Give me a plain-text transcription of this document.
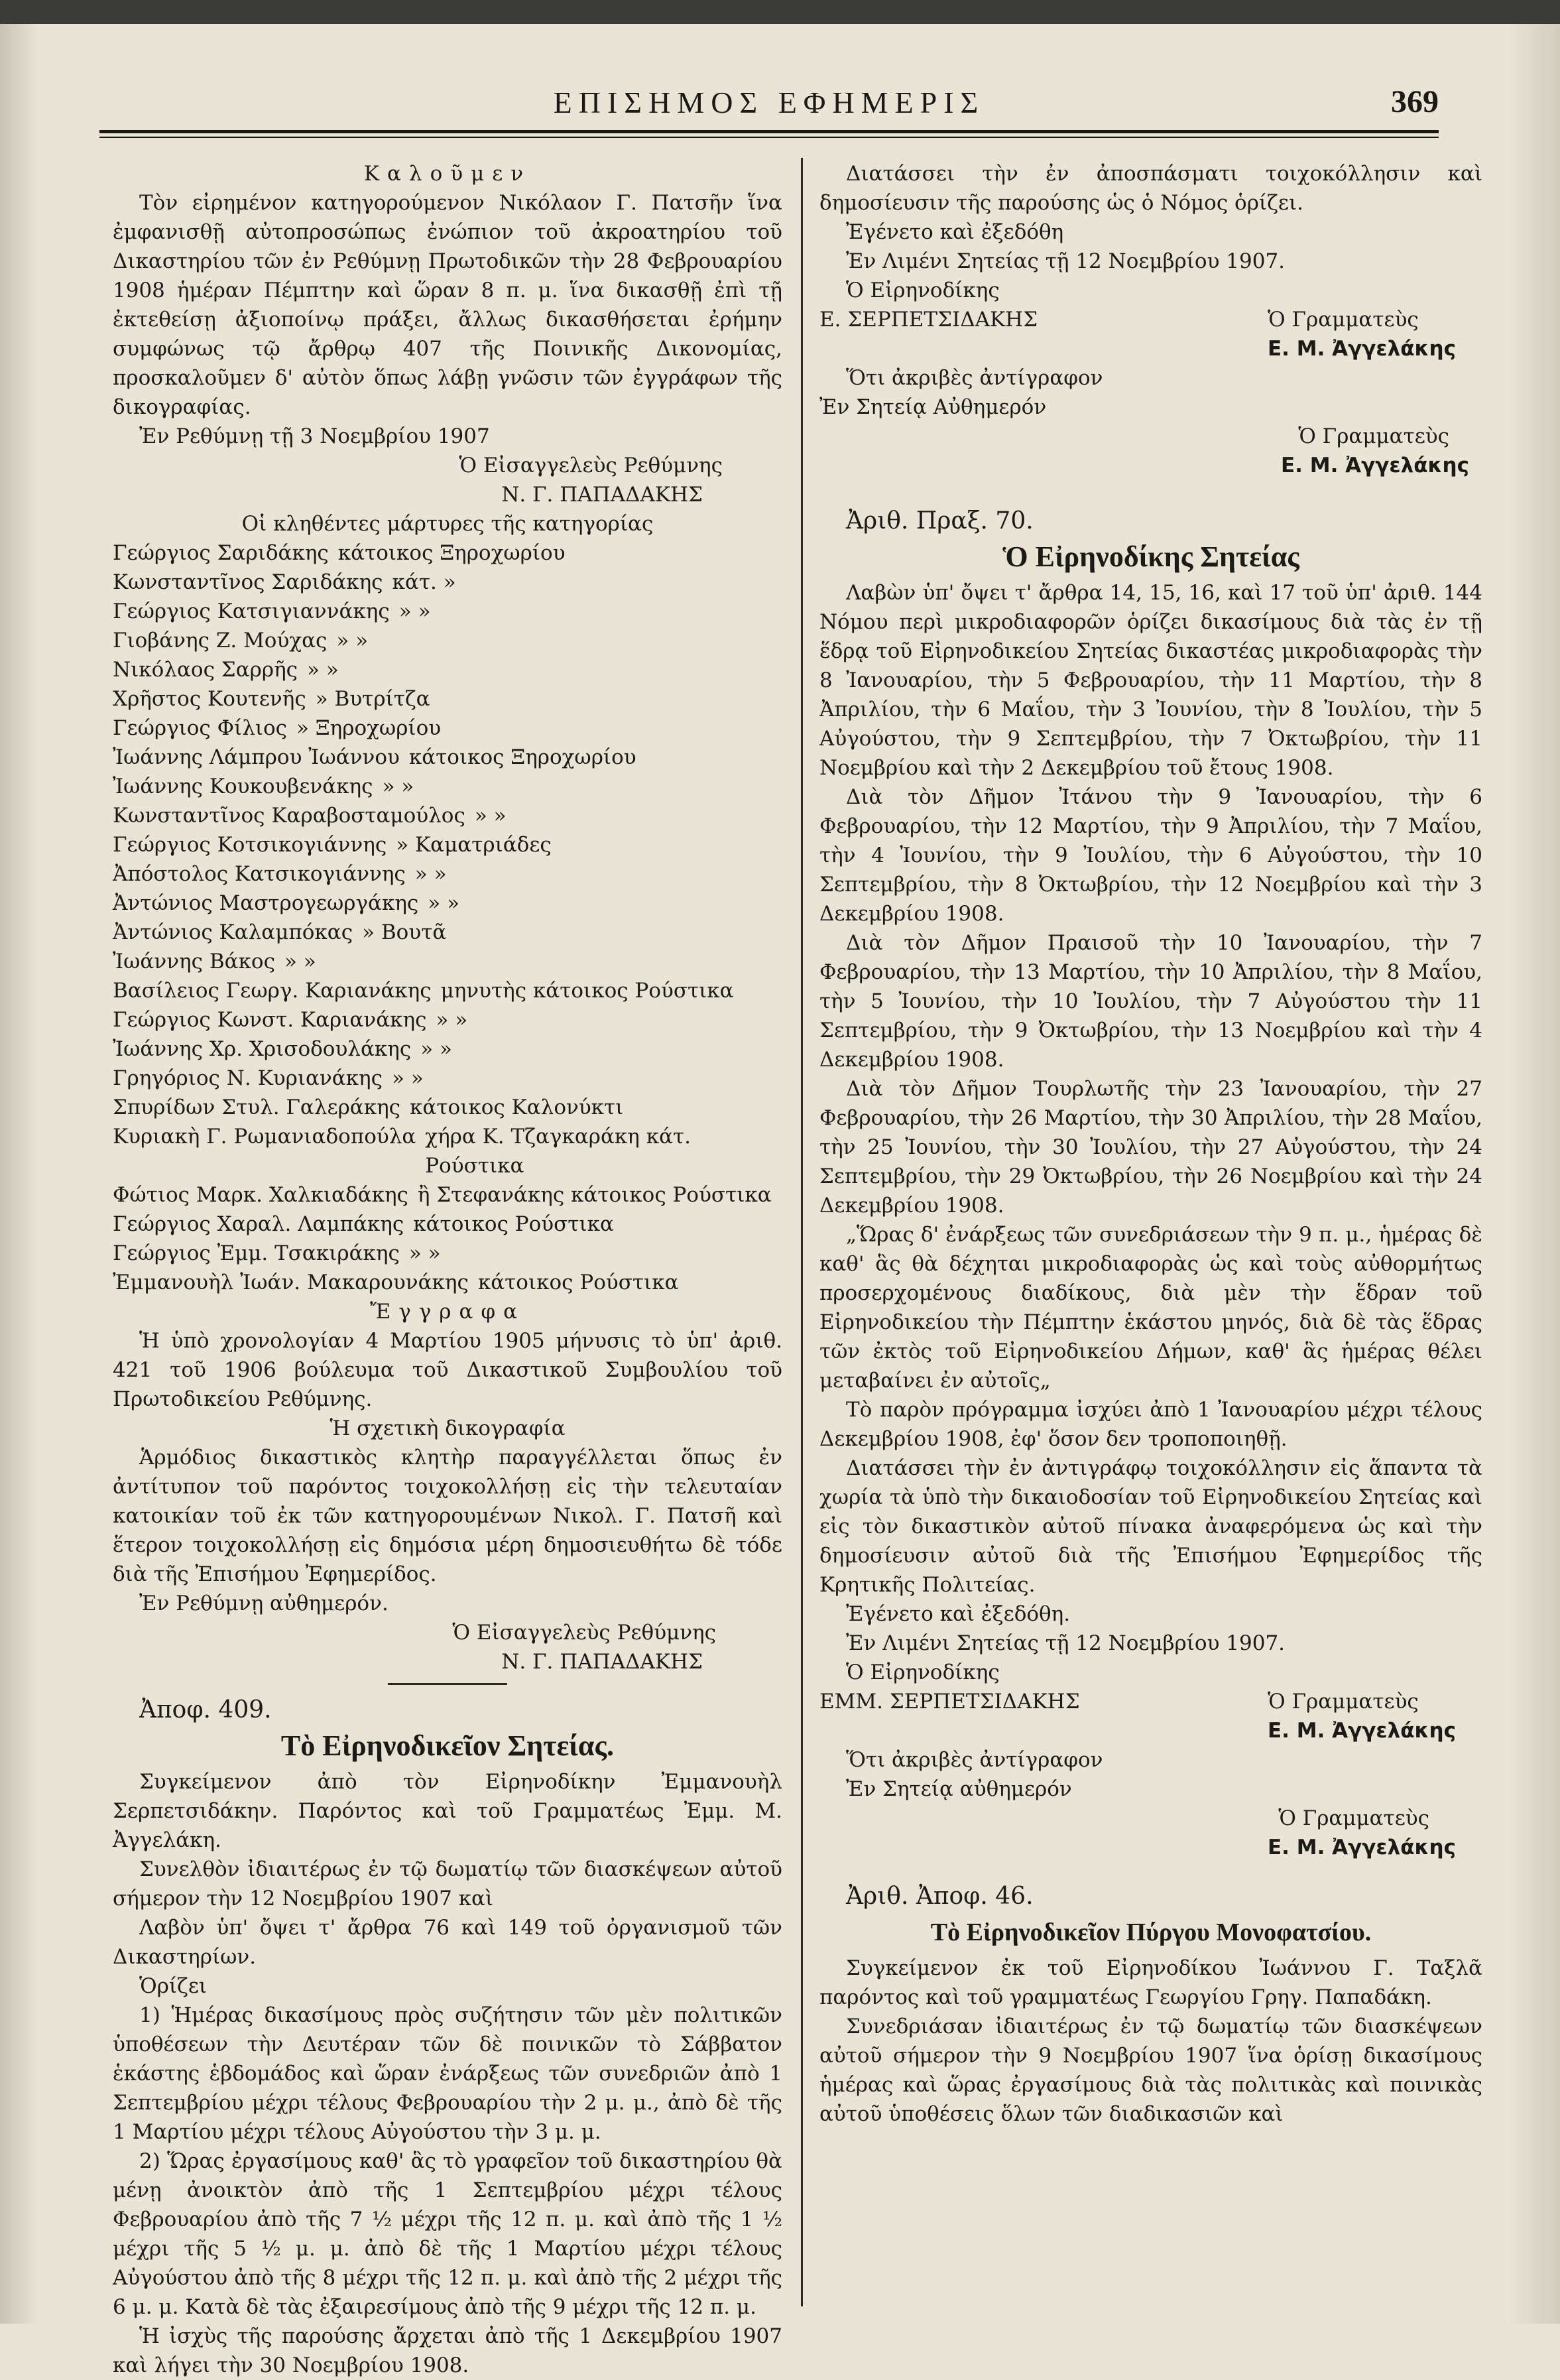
ΕΠΙΣΗΜΟΣ ΕΦΗΜΕΡΙΣ	369

Καλοῦμεν

Τὸν εἰρημένον κατηγορούμενον Νικόλαον Γ. Πατσῆν ἵνα ἐμφανισθῇ αὐτοπροσώπως ἐνώπιον τοῦ ἀκροατηρίου τοῦ Δικαστηρίου τῶν ἐν Ρεθύμνῃ Πρωτοδικῶν τὴν 28 Φεβρουαρίου 1908 ἡμέραν Πέμπτην καὶ ὥραν 8 π. μ. ἵνα δικασθῇ ἐπὶ τῇ ἐκτεθείσῃ ἀξιοποίνῳ πράξει, ἄλλως δικασθήσεται ἐρήμην συμφώνως τῷ ἄρθρῳ 407 τῆς Ποινικῆς Δικονομίας, προσκαλοῦμεν δ' αὐτὸν ὅπως λάβῃ γνῶσιν τῶν ἐγγράφων τῆς δικογραφίας.

Ἐν Ρεθύμνῃ τῇ 3 Νοεμβρίου 1907

Ὁ Εἰσαγγελεὺς Ρεθύμνης

Ν. Γ. ΠΑΠΑΔΑΚΗΣ

Οἱ κληθέντες μάρτυρες τῆς κατηγορίας

Γεώργιος Σαριδάκης κάτοικος Ξηροχωρίου
Κωνσταντῖνος Σαριδάκης κάτ. »
Γεώργιος Κατσιγιαννάκης » »
Γιοβάνης Ζ. Μούχας » »
Νικόλαος Σαρρῆς » »
Χρῆστος Κουτενῆς » Βυτρίτζα
Γεώργιος Φίλιος » Ξηροχωρίου
Ἰωάννης Λάμπρου Ἰωάννου κάτοικος Ξηροχωρίου
Ἰωάννης Κουκουβενάκης » »
Κωνσταντῖνος Καραβοσταμούλος » »
Γεώργιος Κοτσικογιάννης » Καματριάδες
Ἀπόστολος Κατσικογιάννης » »
Ἀντώνιος Μαστρογεωργάκης » »
Ἀντώνιος Καλαμπόκας » Βουτᾶ
Ἰωάννης Βάκος » »
Βασίλειος Γεωργ. Καριανάκης μηνυτὴς κάτοικος Ρούστικα
Γεώργιος Κωνστ. Καριανάκης » »
Ἰωάννης Χρ. Χρισοδουλάκης » »
Γρηγόριος Ν. Κυριανάκης » »
Σπυρίδων Στυλ. Γαλεράκης κάτοικος Καλονύκτι
Κυριακὴ Γ. Ρωμανιαδοπούλα χήρα Κ. Τζαγκαράκη κάτ. Ρούστικα
Φώτιος Μαρκ. Χαλκιαδάκης ἢ Στεφανάκης κάτοικος Ρούστικα
Γεώργιος Χαραλ. Λαμπάκης κάτοικος Ρούστικα
Γεώργιος Ἐμμ. Τσακιράκης » »
Ἐμμανουὴλ Ἰωάν. Μακαρουνάκης κάτοικος Ρούστικα

Ἔγγραφα

Ἡ ὑπὸ χρονολογίαν 4 Μαρτίου 1905 μήνυσις τὸ ὑπ' ἀριθ. 421 τοῦ 1906 βούλευμα τοῦ Δικαστικοῦ Συμβουλίου τοῦ Πρωτοδικείου Ρεθύμνης.

Ἡ σχετικὴ δικογραφία

Ἁρμόδιος δικαστικὸς κλητὴρ παραγγέλλεται ὅπως ἐν ἀντίτυπον τοῦ παρόντος τοιχοκολλήσῃ εἰς τὴν τελευταίαν κατοικίαν τοῦ ἐκ τῶν κατηγορουμένων Νικολ. Γ. Πατσῆ καὶ ἕτερον τοιχοκολλήσῃ εἰς δημόσια μέρη δημοσιευθήτω δὲ τόδε διὰ τῆς Ἐπισήμου Ἐφημερίδος.

Ἐν Ρεθύμνῃ αὐθημερόν.

Ὁ Εἰσαγγελεὺς Ρεθύμνης

Ν. Γ. ΠΑΠΑΔΑΚΗΣ

Ἀποφ. 409.

Τὸ Εἰρηνοδικεῖον Σητείας.

Συγκείμενον ἀπὸ τὸν Εἰρηνοδίκην Ἐμμανουὴλ Σερπετσιδάκην. Παρόντος καὶ τοῦ Γραμματέως Ἐμμ. Μ. Ἀγγελάκη.

Συνελθὸν ἰδιαιτέρως ἐν τῷ δωματίῳ τῶν διασκέψεων αὐτοῦ σήμερον τὴν 12 Νοεμβρίου 1907 καὶ

Λαβὸν ὑπ' ὄψει τ' ἄρθρα 76 καὶ 149 τοῦ ὀργανισμοῦ τῶν Δικαστηρίων.

Ὁρίζει

1) Ἡμέρας δικασίμους πρὸς συζήτησιν τῶν μὲν πολιτικῶν ὑποθέσεων τὴν Δευτέραν τῶν δὲ ποινικῶν τὸ Σάββατον ἑκάστης ἑβδομάδος καὶ ὥραν ἐνάρξεως τῶν συνεδριῶν ἀπὸ 1 Σεπτεμβρίου μέχρι τέλους Φεβρουαρίου τὴν 2 μ. μ., ἀπὸ δὲ τῆς 1 Μαρτίου μέχρι τέλους Αὐγούστου τὴν 3 μ. μ.

2) Ὥρας ἐργασίμους καθ' ἃς τὸ γραφεῖον τοῦ δικαστηρίου θὰ μένῃ ἀνοικτὸν ἀπὸ τῆς 1 Σεπτεμβρίου μέχρι τέλους Φεβρουαρίου ἀπὸ τῆς 7 ½ μέχρι τῆς 12 π. μ. καὶ ἀπὸ τῆς 1 ½ μέχρι τῆς 5 ½ μ. μ. ἀπὸ δὲ τῆς 1 Μαρτίου μέχρι τέλους Αὐγούστου ἀπὸ τῆς 8 μέχρι τῆς 12 π. μ. καὶ ἀπὸ τῆς 2 μέχρι τῆς 6 μ. μ. Κατὰ δὲ τὰς ἐξαιρεσίμους ἀπὸ τῆς 9 μέχρι τῆς 12 π. μ.

Ἡ ἰσχὺς τῆς παρούσης ἄρχεται ἀπὸ τῆς 1 Δεκεμβρίου 1907 καὶ λήγει τὴν 30 Νοεμβρίου 1908.

Διατάσσει τὴν ἐν ἀποσπάσματι τοιχοκόλλησιν καὶ δημοσίευσιν τῆς παρούσης ὡς ὁ Νόμος ὁρίζει.

Ἐγένετο καὶ ἐξεδόθη

Ἐν Λιμένι Σητείας τῇ 12 Νοεμβρίου 1907.

Ὁ Εἰρηνοδίκης

Ε. ΣΕΡΠΕΤΣΙΔΑΚΗΣ	Ὁ Γραμματεὺς

Ε. Μ. Ἀγγελάκης

Ὅτι ἀκριβὲς ἀντίγραφον

Ἐν Σητείᾳ Αὐθημερόν

Ὁ Γραμματεὺς

Ε. Μ. Ἀγγελάκης

Ἀριθ. Πραξ. 70.

Ὁ Εἰρηνοδίκης Σητείας

Λαβὼν ὑπ' ὄψει τ' ἄρθρα 14, 15, 16, καὶ 17 τοῦ ὑπ' ἀριθ. 144 Νόμου περὶ μικροδιαφορῶν ὁρίζει δικασίμους διὰ τὰς ἐν τῇ ἕδρᾳ τοῦ Εἰρηνοδικείου Σητείας δικαστέας μικροδιαφορὰς τὴν 8 Ἰανουαρίου, τὴν 5 Φεβρουαρίου, τὴν 11 Μαρτίου, τὴν 8 Ἀπριλίου, τὴν 6 Μαΐου, τὴν 3 Ἰουνίου, τὴν 8 Ἰουλίου, τὴν 5 Αὐγούστου, τὴν 9 Σεπτεμβρίου, τὴν 7 Ὀκτωβρίου, τὴν 11 Νοεμβρίου καὶ τὴν 2 Δεκεμβρίου τοῦ ἔτους 1908.

Διὰ τὸν Δῆμον Ἰτάνου τὴν 9 Ἰανουαρίου, τὴν 6 Φεβρουαρίου, τὴν 12 Μαρτίου, τὴν 9 Ἀπριλίου, τὴν 7 Μαΐου, τὴν 4 Ἰουνίου, τὴν 9 Ἰουλίου, τὴν 6 Αὐγούστου, τὴν 10 Σεπτεμβρίου, τὴν 8 Ὀκτωβρίου, τὴν 12 Νοεμβρίου καὶ τὴν 3 Δεκεμβρίου 1908.

Διὰ τὸν Δῆμον Πραισοῦ τὴν 10 Ἰανουαρίου, τὴν 7 Φεβρουαρίου, τὴν 13 Μαρτίου, τὴν 10 Ἀπριλίου, τὴν 8 Μαΐου, τὴν 5 Ἰουνίου, τὴν 10 Ἰουλίου, τὴν 7 Αὐγούστου τὴν 11 Σεπτεμβρίου, τὴν 9 Ὀκτωβρίου, τὴν 13 Νοεμβρίου καὶ τὴν 4 Δεκεμβρίου 1908.

Διὰ τὸν Δῆμον Τουρλωτῆς τὴν 23 Ἰανουαρίου, τὴν 27 Φεβρουαρίου, τὴν 26 Μαρτίου, τὴν 30 Ἀπριλίου, τὴν 28 Μαΐου, τὴν 25 Ἰουνίου, τὴν 30 Ἰουλίου, τὴν 27 Αὐγούστου, τὴν 24 Σεπτεμβρίου, τὴν 29 Ὀκτωβρίου, τὴν 26 Νοεμβρίου καὶ τὴν 24 Δεκεμβρίου 1908.

„Ὥρας δ' ἐνάρξεως τῶν συνεδριάσεων τὴν 9 π. μ., ἡμέρας δὲ καθ' ἃς θὰ δέχηται μικροδιαφορὰς ὡς καὶ τοὺς αὐθορμήτως προσερχομένους διαδίκους, διὰ μὲν τὴν ἕδραν τοῦ Εἰρηνοδικείου τὴν Πέμπτην ἑκάστου μηνός, διὰ δὲ τὰς ἕδρας τῶν ἐκτὸς τοῦ Εἰρηνοδικείου Δήμων, καθ' ἃς ἡμέρας θέλει μεταβαίνει ἐν αὐτοῖς„

Τὸ παρὸν πρόγραμμα ἰσχύει ἀπὸ 1 Ἰανουαρίου μέχρι τέλους Δεκεμβρίου 1908, ἐφ' ὅσον δεν τροποποιηθῇ.

Διατάσσει τὴν ἐν ἀντιγράφῳ τοιχοκόλλησιν εἰς ἅπαντα τὰ χωρία τὰ ὑπὸ τὴν δικαιοδοσίαν τοῦ Εἰρηνοδικείου Σητείας καὶ εἰς τὸν δικαστικὸν αὐτοῦ πίνακα ἀναφερόμενα ὡς καὶ τὴν δημοσίευσιν αὐτοῦ διὰ τῆς Ἐπισήμου Ἐφημερίδος τῆς Κρητικῆς Πολιτείας.

Ἐγένετο καὶ ἐξεδόθη.

Ἐν Λιμένι Σητείας τῇ 12 Νοεμβρίου 1907.

Ὁ Εἰρηνοδίκης

ΕΜΜ. ΣΕΡΠΕΤΣΙΔΑΚΗΣ	Ὁ Γραμματεὺς

Ε. Μ. Ἀγγελάκης

Ὅτι ἀκριβὲς ἀντίγραφον

Ἐν Σητείᾳ αὐθημερόν

Ὁ Γραμματεὺς

Ε. Μ. Ἀγγελάκης

Ἀριθ. Ἀποφ. 46.

Τὸ Εἰρηνοδικεῖον Πύργου Μονοφατσίου.

Συγκείμενον ἐκ τοῦ Εἰρηνοδίκου Ἰωάννου Γ. Ταξλᾶ παρόντος καὶ τοῦ γραμματέως Γεωργίου Γρηγ. Παπαδάκη.

Συνεδριάσαν ἰδιαιτέρως ἐν τῷ δωματίῳ τῶν διασκέψεων αὐτοῦ σήμερον τὴν 9 Νοεμβρίου 1907 ἵνα ὁρίσῃ δικασίμους ἡμέρας καὶ ὥρας ἐργασίμους διὰ τὰς πολιτικὰς καὶ ποινικὰς αὐτοῦ ὑποθέσεις ὅλων τῶν διαδικασιῶν καὶ
